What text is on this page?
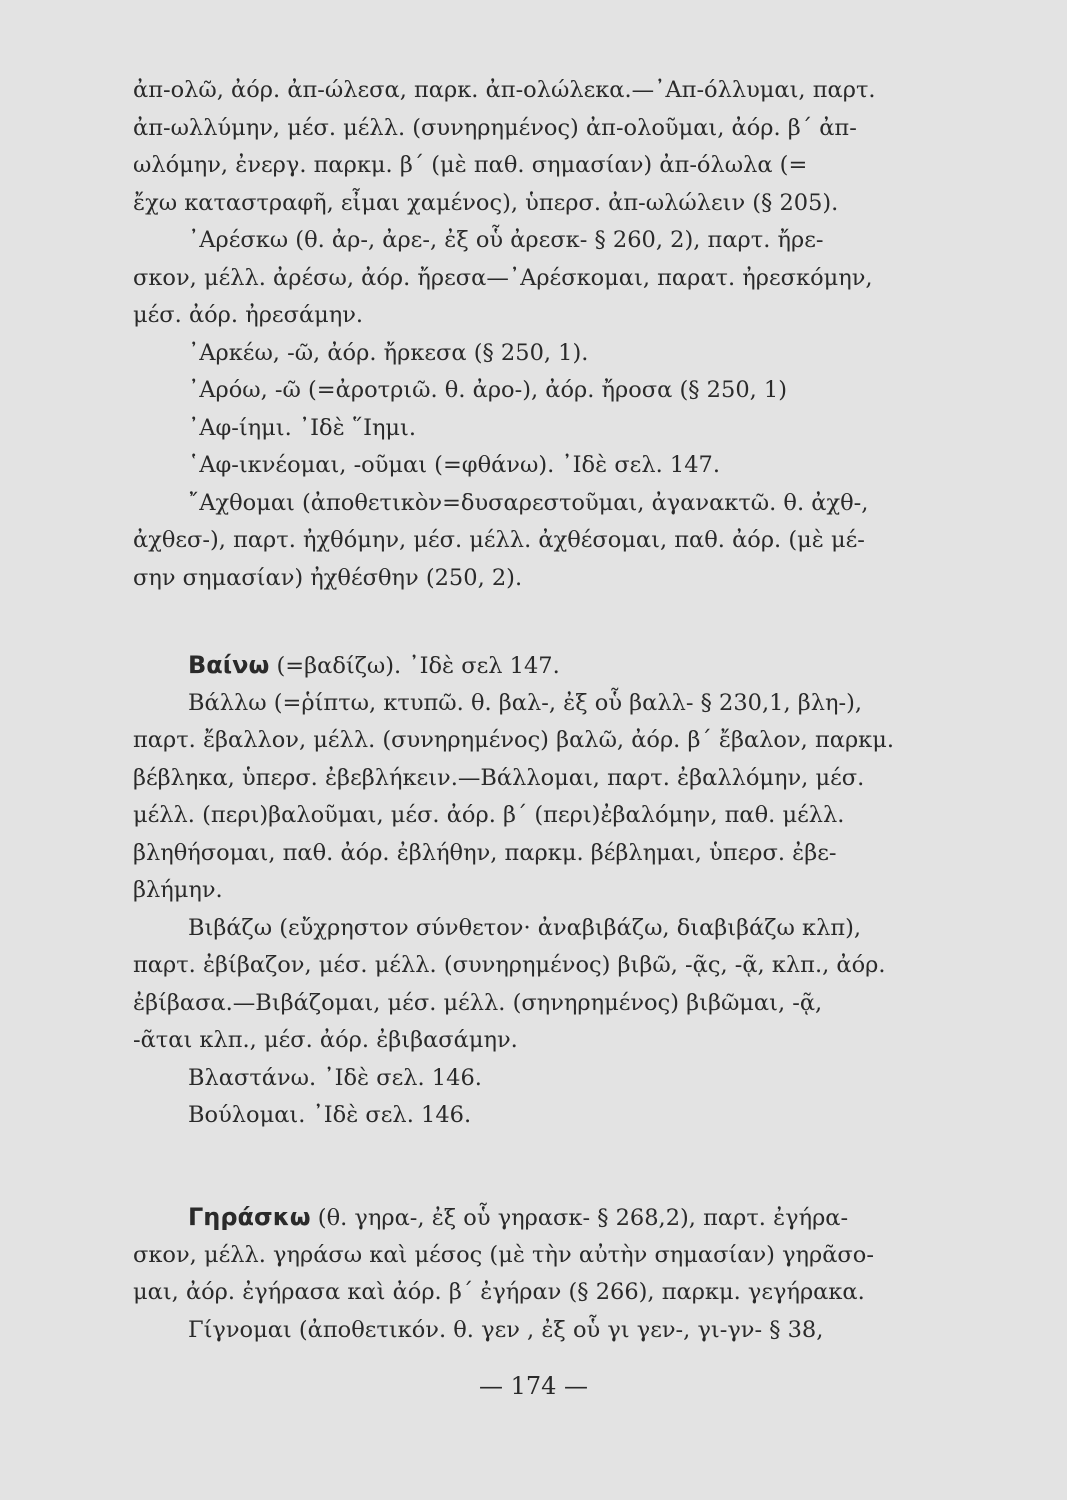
ἀπ-ολῶ, ἀόρ. ἀπ-ώλεσα, παρκ. ἀπ-ολώλεκα.—᾿Απ-όλλυμαι, παρτ.
ἀπ-ωλλύμην, μέσ. μέλλ. (συνηρημένος) ἀπ-ολοῦμαι, ἀόρ. β΄ ἀπ-
ωλόμην, ἐνεργ. παρκμ. β΄ (μὲ παθ. σημασίαν) ἀπ-όλωλα (=
ἔχω καταστραφῆ, εἶμαι χαμένος), ὑπερσ. ἀπ-ωλώλειν (§ 205).
᾿Αρέσκω (θ. ἀρ-, ἀρε-, ἐξ οὗ ἀρεσκ- § 260, 2), παρτ. ἤρε-
σκον, μέλλ. ἀρέσω, ἀόρ. ἤρεσα—᾿Αρέσκομαι, παρατ. ἠρεσκόμην,
μέσ. ἀόρ. ἠρεσάμην.
᾿Αρκέω, -ῶ, ἀόρ. ἤρκεσα (§ 250, 1).
᾿Αρόω, -ῶ (=ἀροτριῶ. θ. ἀρο-), ἀόρ. ἤροσα (§ 250, 1)
᾿Αφ-ίημι. ᾿Ιδὲ ῞Ιημι.
῾Αφ-ικνέομαι, -οῦμαι (=φθάνω). ᾿Ιδὲ σελ. 147.
῎Αχθομαι (ἀποθετικὸν=δυσαρεστοῦμαι, ἀγανακτῶ. θ. ἀχθ-,
ἀχθεσ-), παρτ. ἠχθόμην, μέσ. μέλλ. ἀχθέσομαι, παθ. ἀόρ. (μὲ μέ-
σην σημασίαν) ἠχθέσθην (250, 2).
Βαίνω (=βαδίζω). ᾿Ιδὲ σελ 147.
Βάλλω (=ῥίπτω, κτυπῶ. θ. βαλ-, ἐξ οὗ βαλλ- § 230,1, βλη-),
παρτ. ἔβαλλον, μέλλ. (συνηρημένος) βαλῶ, ἀόρ. β΄ ἔβαλον, παρκμ.
βέβληκα, ὑπερσ. ἐβεβλήκειν.—Βάλλομαι, παρτ. ἐβαλλόμην, μέσ.
μέλλ. (περι)βαλοῦμαι, μέσ. ἀόρ. β΄ (περι)ἐβαλόμην, παθ. μέλλ.
βληθήσομαι, παθ. ἀόρ. ἐβλήθην, παρκμ. βέβλημαι, ὑπερσ. ἐβε-
βλήμην.
Βιβάζω (εὔχρηστον σύνθετον· ἀναβιβάζω, διαβιβάζω κλπ),
παρτ. ἐβίβαζον, μέσ. μέλλ. (συνηρημένος) βιβῶ, -ᾷς, -ᾷ, κλπ., ἀόρ.
ἐβίβασα.—Βιβάζομαι, μέσ. μέλλ. (σηνηρημένος) βιβῶμαι, -ᾷ,
-ᾶται κλπ., μέσ. ἀόρ. ἐβιβασάμην.
Βλαστάνω. ᾿Ιδὲ σελ. 146.
Βούλομαι. ᾿Ιδὲ σελ. 146.
Γηράσκω (θ. γηρα-, ἐξ οὗ γηρασκ- § 268,2), παρτ. ἐγήρα-
σκον, μέλλ. γηράσω καὶ μέσος (μὲ τὴν αὐτὴν σημασίαν) γηρᾶσο-
μαι, ἀόρ. ἐγήρασα καὶ ἀόρ. β΄ ἐγήραν (§ 266), παρκμ. γεγήρακα.
Γίγνομαι (ἀποθετικόν. θ. γεν , ἐξ οὗ γι γεν-, γι-γν- § 38,
— 174 —
